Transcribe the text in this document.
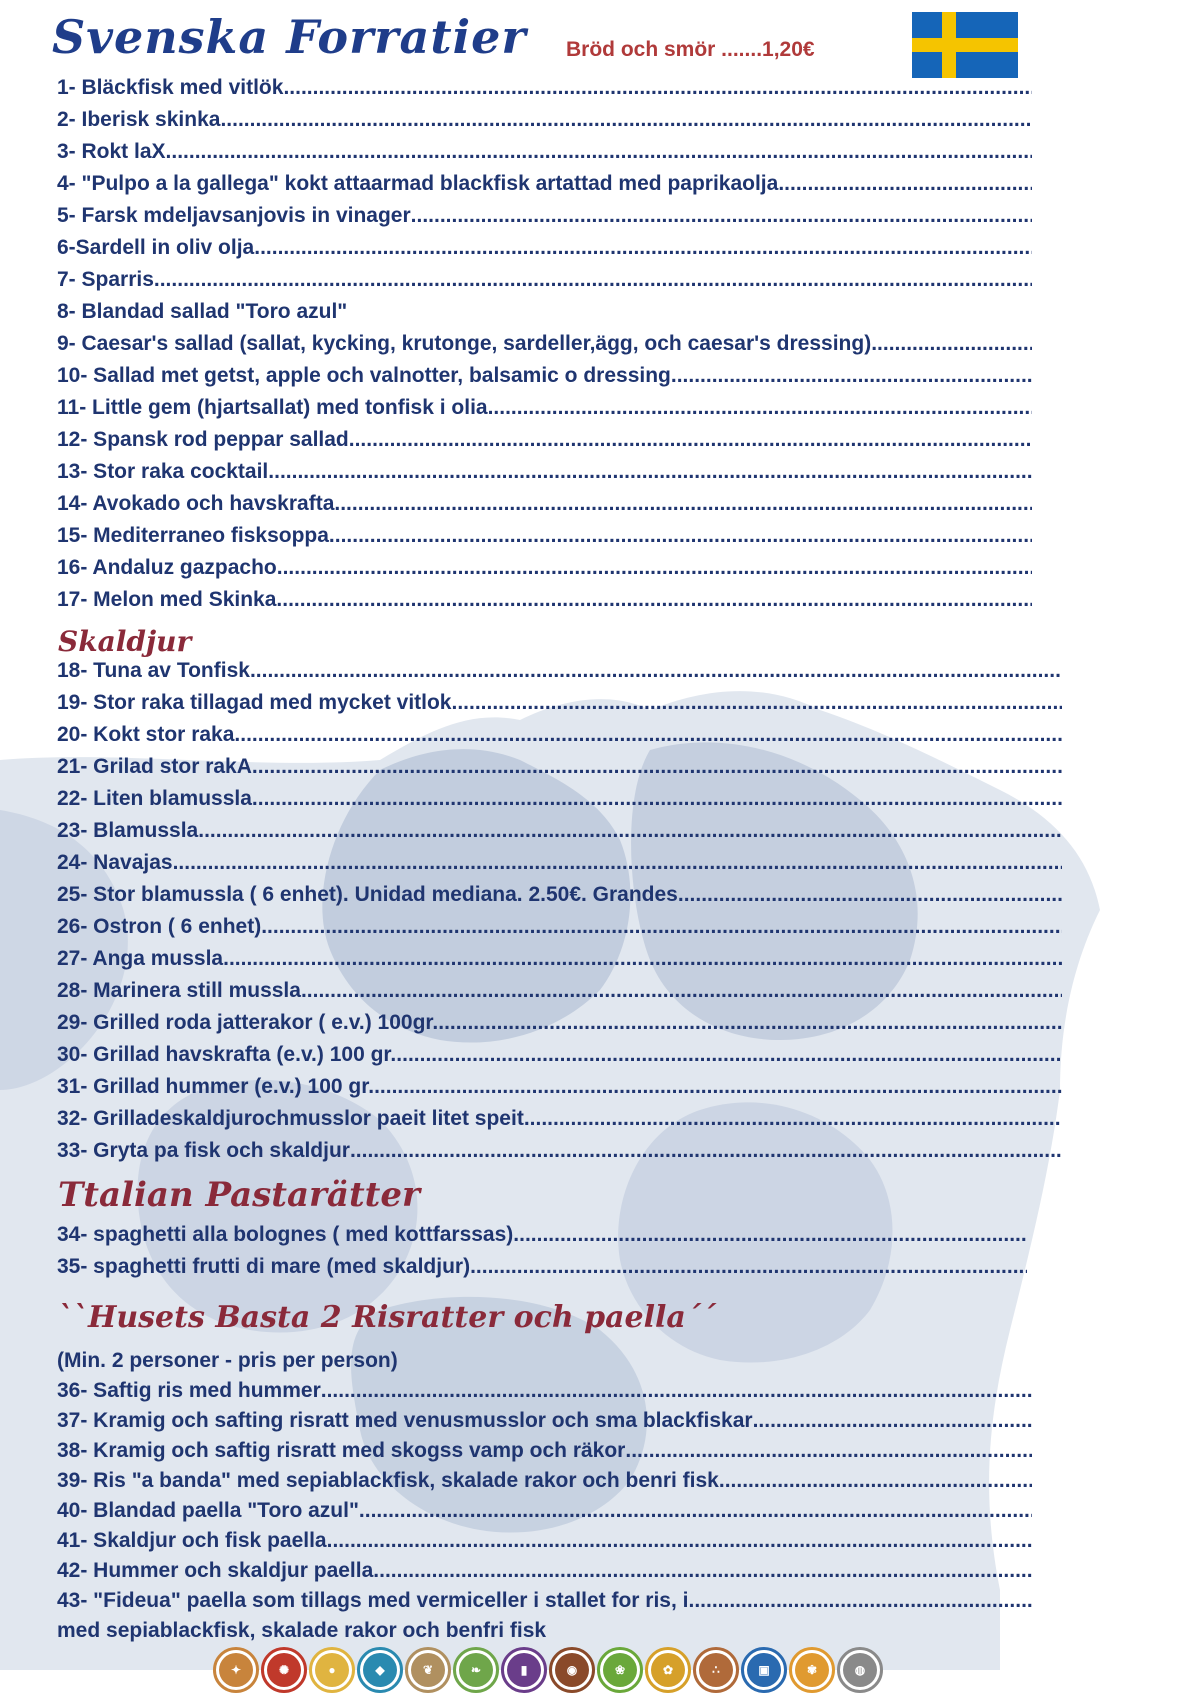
Svenska Forratier Bröd och smör .......1,20€
1- Bläckfisk med vitlök
.....
2- Iberisk skinka
.....
3- Rokt laX
.....
4- "Pulpo a la gallega" kokt attaarmad blackfisk artattad med paprikaolja
.....
5- Farsk mdeljavsanjovis in vinager
.....
6-Sardell in oliv olja
.....
7- Sparris
.....
8- Blandad sallad "Toro azul"
9- Caesar's sallad (sallat, kycking, krutonge, sardeller,ägg, och caesar's dressing)
.....
10- Sallad met getst, apple och valnotter, balsamic o dressing
.....
11- Little gem (hjartsallat) med tonfisk i olia
.....
12- Spansk rod peppar sallad
.....
13- Stor raka cocktail
.....
14- Avokado och havskrafta
.....
15- Mediterraneo fisksoppa
.....
16- Andaluz gazpacho
.....
17- Melon med Skinka
.....
Skaldjur
18- Tuna av Tonfisk
.....
19- Stor raka tillagad med mycket vitlok
.....
20- Kokt stor raka
.....
21- Grilad stor rakA
.....
22- Liten blamussla
.....
23- Blamussla
.....
24- Navajas
.....
25- Stor blamussla ( 6 enhet). Unidad mediana. 2.50€. Grandes
.....
26- Ostron ( 6 enhet)
.....
27- Anga mussla
.....
28- Marinera still mussla
.....
29- Grilled roda jatterakor ( e.v.) 100gr.
.....
30- Grillad havskrafta (e.v.) 100 gr.
.....
31- Grillad hummer (e.v.) 100 gr.
.....
32- Grilladeskaldjurochmusslor paeit litet speit
.....
33- Gryta pa fisk och skaldjur
.....
Ttalian Pastarätter
34- spaghetti alla bolognes ( med kottfarssas)
.....
35- spaghetti frutti di mare (med skaldjur)
.....
``Husets Basta 2 Risratter och paella´´
(Min. 2 personer - pris per person)
36- Saftig ris med hummer
.....
37- Kramig och safting risratt med venusmusslor och sma blackfiskar
.....
38- Kramig och saftig risratt med skogss vamp och räkor
.....
39- Ris "a banda" med sepiablackfisk, skalade rakor och benri fisk
.....
40- Blandad paella "Toro azul"
.....
41- Skaldjur och fisk paella
.....
42- Hummer och skaldjur paella
.....
43- "Fideua" paella som tillags med vermiceller i stallet for ris, i
.....
med sepiablackfisk, skalade rakor och benfri fisk
✦	✺	●	◆	❦	❧	▮	◉	❀	✿	∴	▣	✾	◍
